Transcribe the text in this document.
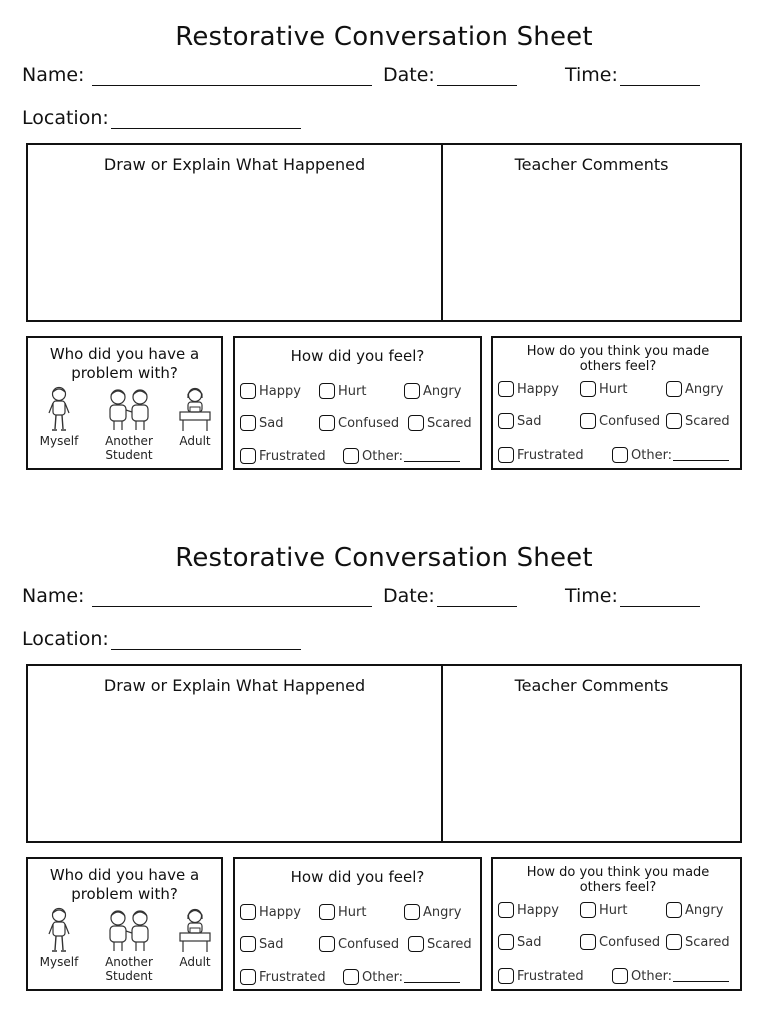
Restorative Conversation Sheet
Name:	Date:	Time:
Location:
Draw or Explain What Happened	Teacher Comments
Who did you have a problem with?
Myself	Another Student
Adult
How did you feel?
Happy	Hurt	Angry
Sad	Confused Scared
Frustrated	Other:
How do you think you made others feel?
Happy	Hurt	Angry
Sad	Confused Scared
Frustrated	Other:
Restorative Conversation Sheet
Name:	Date:	Time:
Location:
Draw or Explain What Happened	Teacher Comments
Who did you have a problem with?
Myself	Another Student
Adult
How did you feel?
Happy	Hurt	Angry
Sad	Confused Scared
Frustrated	Other:
How do you think you made others feel?
Happy	Hurt	Angry
Sad	Confused Scared
Frustrated	Other:
